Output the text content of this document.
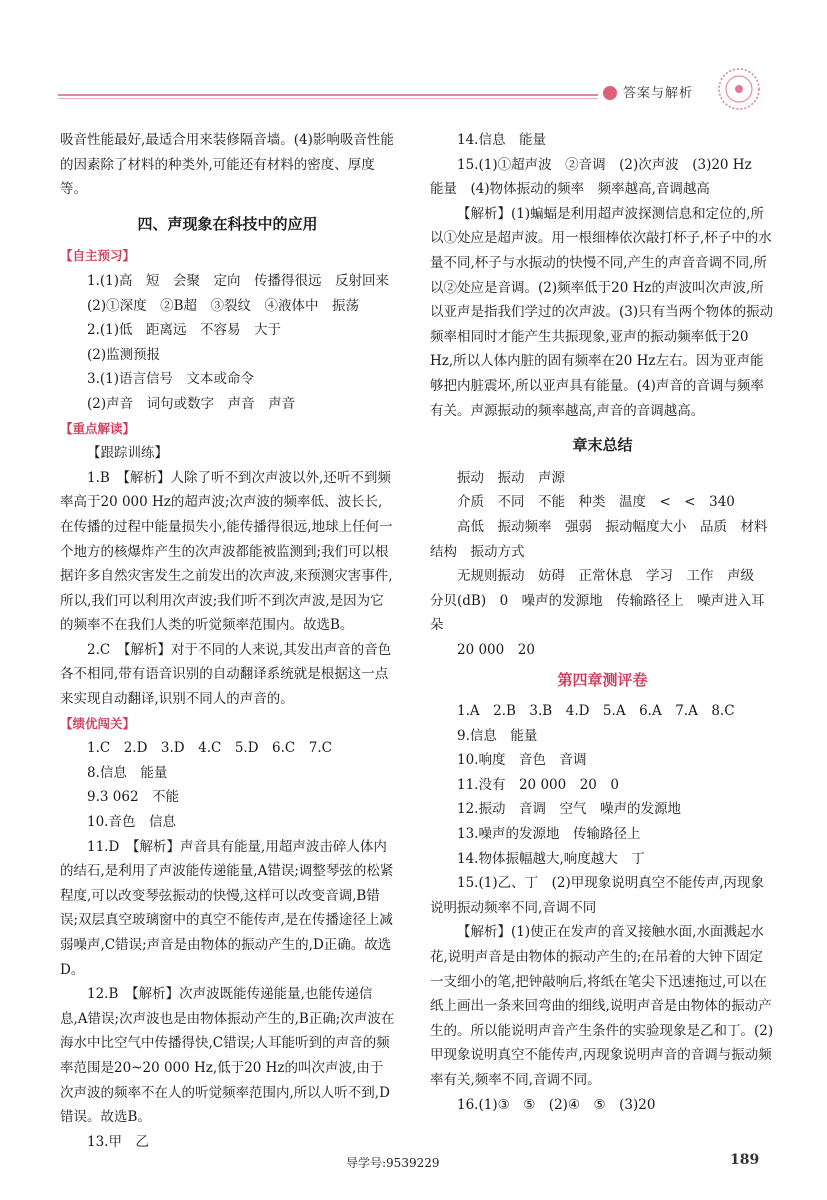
答案与解析

吸音性能最好,最适合用来装修隔音墙。(4)影响吸音性能的因素除了材料的种类外,可能还有材料的密度、厚度等。

四、声现象在科技中的应用

【自主预习】

1.(1)高　短　会聚　定向　传播得很远　反射回来

(2)①深度　②B超　③裂纹　④液体中　振荡

2.(1)低　距离远　不容易　大于

(2)监测预报

3.(1)语言信号　文本或命令

(2)声音　词句或数字　声音　声音

【重点解读】

【跟踪训练】

1.B　【解析】人除了听不到次声波以外,还听不到频率高于20 000 Hz的超声波;次声波的频率低、波长长,在传播的过程中能量损失小,能传播得很远,地球上任何一个地方的核爆炸产生的次声波都能被监测到;我们可以根据许多自然灾害发生之前发出的次声波,来预测灾害事件,所以,我们可以利用次声波;我们听不到次声波,是因为它的频率不在我们人类的听觉频率范围内。故选B。

2.C　【解析】对于不同的人来说,其发出声音的音色各不相同,带有语音识别的自动翻译系统就是根据这一点来实现自动翻译,识别不同人的声音的。

【绩优闯关】

1.C　2.D　3.D　4.C　5.D　6.C　7.C

8.信息　能量

9.3 062　不能

10.音色　信息

11.D　【解析】声音具有能量,用超声波击碎人体内的结石,是利用了声波能传递能量,A错误;调整琴弦的松紧程度,可以改变琴弦振动的快慢,这样可以改变音调,B错误;双层真空玻璃窗中的真空不能传声,是在传播途径上减弱噪声,C错误;声音是由物体的振动产生的,D正确。故选D。

12.B　【解析】次声波既能传递能量,也能传递信息,A错误;次声波也是由物体振动产生的,B正确;次声波在海水中比空气中传播得快,C错误;人耳能听到的声音的频率范围是20~20 000 Hz,低于20 Hz的叫次声波,由于次声波的频率不在人的听觉频率范围内,所以人听不到,D错误。故选B。

13.甲　乙

14.信息　能量

15.(1)①超声波　②音调　(2)次声波　(3)20 Hz　能量　(4)物体振动的频率　频率越高,音调越高

【解析】(1)蝙蝠是利用超声波探测信息和定位的,所以①处应是超声波。用一根细棒依次敲打杯子,杯子中的水量不同,杯子与水振动的快慢不同,产生的声音音调不同,所以②处应是音调。(2)频率低于20 Hz的声波叫次声波,所以亚声是指我们学过的次声波。(3)只有当两个物体的振动频率相同时才能产生共振现象,亚声的振动频率低于20 Hz,所以人体内脏的固有频率在20 Hz左右。因为亚声能够把内脏震坏,所以亚声具有能量。(4)声音的音调与频率有关。声源振动的频率越高,声音的音调越高。

章末总结

振动　振动　声源

介质　不同　不能　种类　温度　<　<　340

高低　振动频率　强弱　振动幅度大小　品质　材料　结构　振动方式

无规则振动　妨碍　正常休息　学习　工作　声级　分贝(dB)　0　噪声的发源地　传输路径上　噪声进入耳朵

20 000　20

第四章测评卷

1.A　2.B　3.B　4.D　5.A　6.A　7.A　8.C

9.信息　能量

10.响度　音色　音调

11.没有　20 000　20　0

12.振动　音调　空气　噪声的发源地

13.噪声的发源地　传输路径上

14.物体振幅越大,响度越大　丁

15.(1)乙、丁　(2)甲现象说明真空不能传声,丙现象说明振动频率不同,音调不同

【解析】(1)使正在发声的音叉接触水面,水面溅起水花,说明声音是由物体的振动产生的;在吊着的大钟下固定一支细小的笔,把钟敲响后,将纸在笔尖下迅速拖过,可以在纸上画出一条来回弯曲的细线,说明声音是由物体的振动产生的。所以能说明声音产生条件的实验现象是乙和丁。(2)甲现象说明真空不能传声,丙现象说明声音的音调与振动频率有关,频率不同,音调不同。

16.(1)③　⑤　(2)④　⑤　(3)20

导学号:9539229	189
